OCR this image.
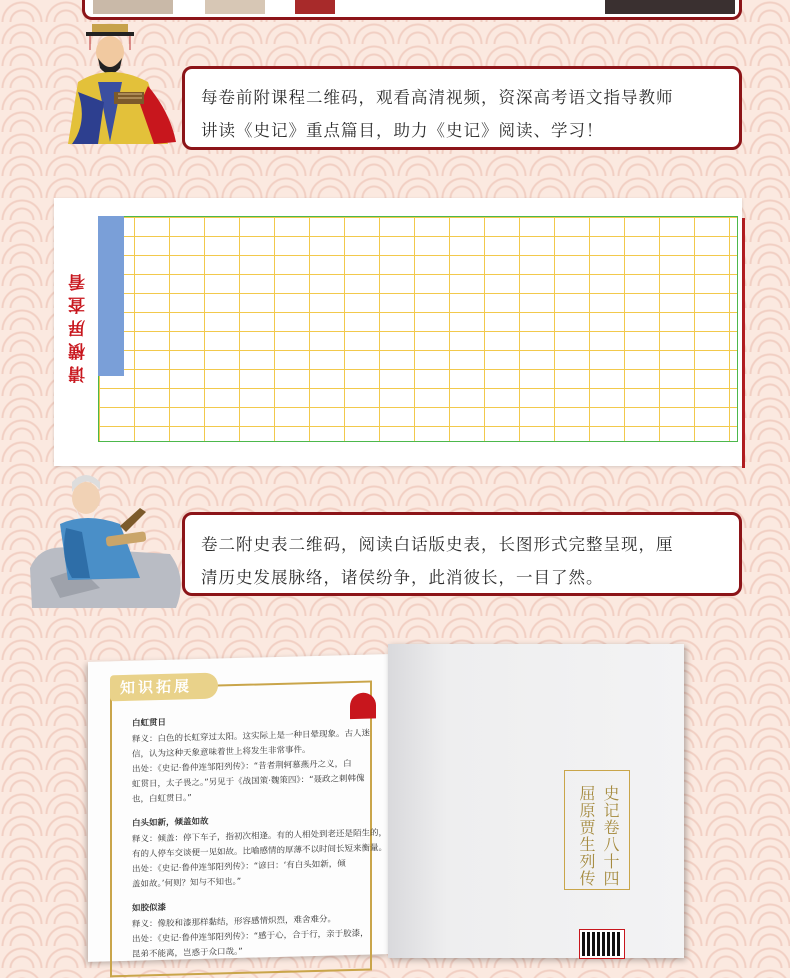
每卷前附课程二维码，观看高清视频，资深高考语文指导教师

讲读《史记》重点篇目，助力《史记》阅读、学习！

请横屏查看

卷二附史表二维码，阅读白话版史表，长图形式完整呈现，厘

清历史发展脉络，诸侯纷争，此消彼长，一目了然。

知识拓展
白虹贯日
释义：白色的长虹穿过太阳。这实际上是一种日晕现象。古人迷
信，认为这种天象意味着世上将发生非常事件。
出处：《史记·鲁仲连邹阳列传》：“昔者荆轲慕燕丹之义，白
虹贯日，太子畏之。”另见于《战国策·魏策四》：“聂政之刺韩傀
也，白虹贯日。”
白头如新，倾盖如故
释义：倾盖：停下车子，指初次相逢。有的人相处到老还是陌生的，
有的人停车交谈便一见如故。比喻感情的厚薄不以时间长短来衡量。
出处：《史记·鲁仲连邹阳列传》：“谚曰：‘有白头如新，倾
盖如故。’何则？知与不知也。”
如胶似漆
释义：像胶和漆那样黏结，形容感情炽烈，难舍难分。
出处：《史记·鲁仲连邹阳列传》：“感于心，合于行，亲于胶漆，
昆弟不能离，岂惑于众口哉。”
史记卷八十四
屈原贾生列传
